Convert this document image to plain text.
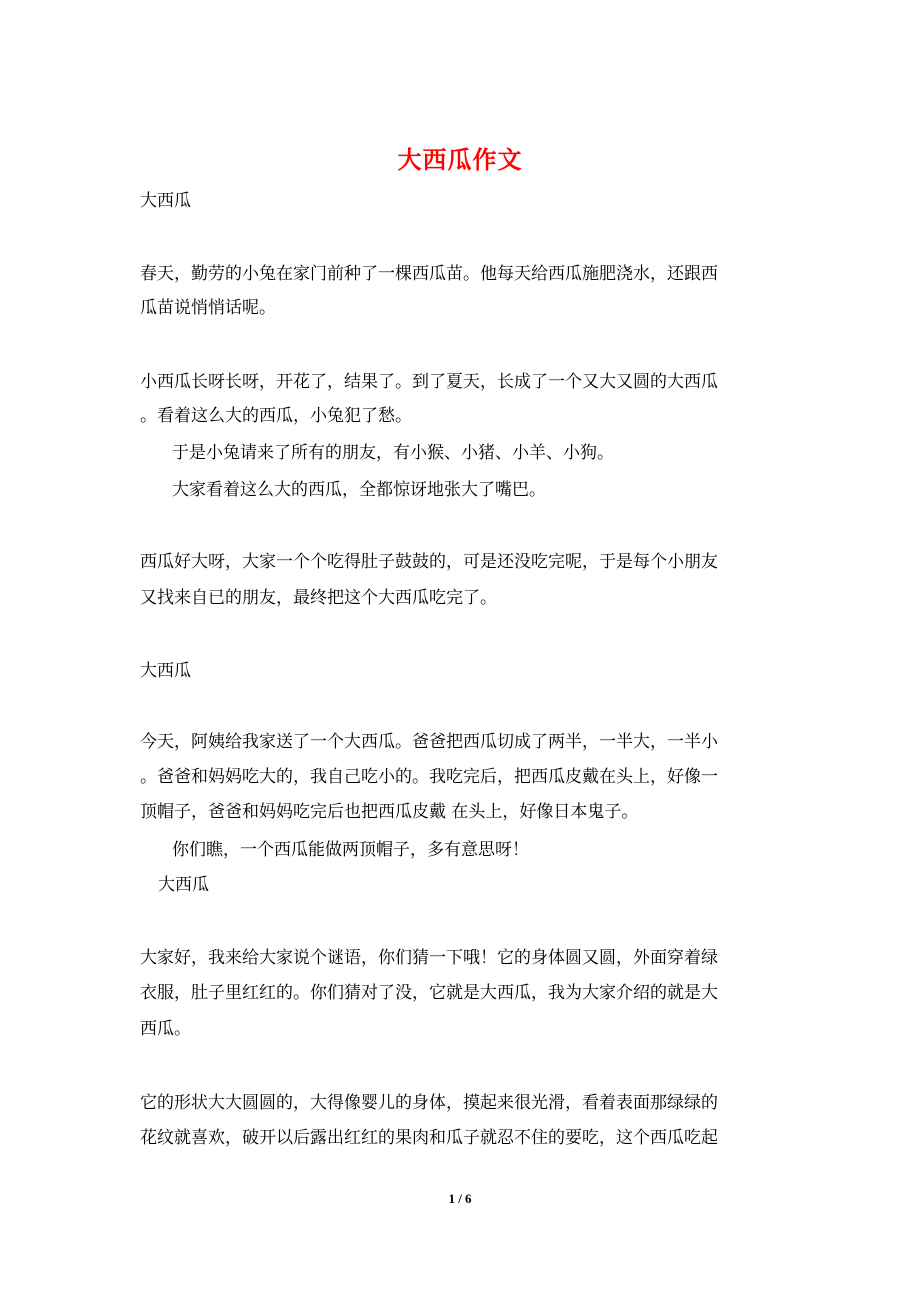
大西瓜作文
大西瓜
春天，勤劳的小兔在家门前种了一棵西瓜苗。他每天给西瓜施肥浇水，还跟西
瓜苗说悄悄话呢。
小西瓜长呀长呀，开花了，结果了。到了夏天，长成了一个又大又圆的大西瓜
。看着这么大的西瓜，小兔犯了愁。
于是小兔请来了所有的朋友，有小猴、小猪、小羊、小狗。
大家看着这么大的西瓜，全都惊讶地张大了嘴巴。
西瓜好大呀，大家一个个吃得肚子鼓鼓的，可是还没吃完呢，于是每个小朋友
又找来自已的朋友，最终把这个大西瓜吃完了。
大西瓜
今天，阿姨给我家送了一个大西瓜。爸爸把西瓜切成了两半，一半大，一半小
。爸爸和妈妈吃大的，我自己吃小的。我吃完后，把西瓜皮戴在头上，好像一
顶帽子，爸爸和妈妈吃完后也把西瓜皮戴 在头上，好像日本鬼子。
你们瞧，一个西瓜能做两顶帽子，多有意思呀！
大西瓜
大家好，我来给大家说个谜语，你们猜一下哦！它的身体圆又圆，外面穿着绿
衣服，肚子里红红的。你们猜对了没，它就是大西瓜，我为大家介绍的就是大
西瓜。
它的形状大大圆圆的，大得像婴儿的身体，摸起来很光滑，看着表面那绿绿的
花纹就喜欢，破开以后露出红红的果肉和瓜子就忍不住的要吃，这个西瓜吃起
1 / 6
